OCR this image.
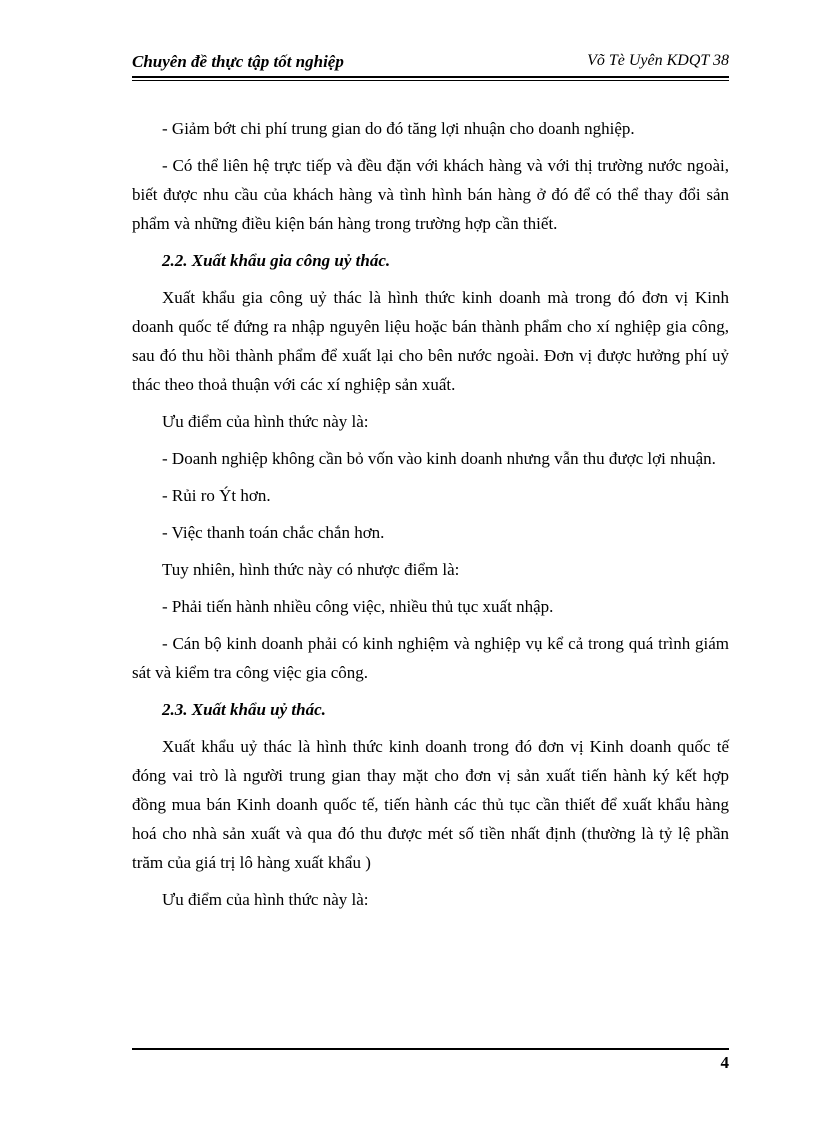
Chuyên đề thực tập tốt nghiệp	Võ Tè Uyên KDQT 38

- Giảm bớt chi phí trung gian do đó tăng lợi nhuận cho doanh nghiệp.

- Có thể liên hệ trực tiếp và đều đặn với khách hàng và với thị trường nước ngoài, biết được nhu cầu của khách hàng và tình hình bán hàng ở đó để có thể thay đổi sản phẩm và những điều kiện bán hàng trong trường hợp cần thiết.

2.2. Xuất khẩu gia công uỷ thác.

Xuất khẩu gia công uỷ thác là hình thức kinh doanh mà trong đó đơn vị Kinh doanh quốc tế đứng ra nhập nguyên liệu hoặc bán thành phẩm cho xí nghiệp gia công, sau đó thu hồi thành phẩm để xuất lại cho bên nước ngoài. Đơn vị được hưởng phí uỷ thác theo thoả thuận với các xí nghiệp sản xuất.

Ưu điểm của hình thức này là:

- Doanh nghiệp không cần bỏ vốn vào kinh doanh nhưng vẫn thu được lợi nhuận.

- Rủi ro Ýt hơn.

- Việc thanh toán chắc chắn hơn.

Tuy nhiên, hình thức này có nhược điểm là:

- Phải tiến hành nhiều công việc, nhiều thủ tục xuất nhập.

- Cán bộ kinh doanh phải có kinh nghiệm và nghiệp vụ kể cả trong quá trình giám sát và kiểm tra công việc gia công.

2.3. Xuất khẩu uỷ thác.

Xuất khẩu uỷ thác là hình thức kinh doanh trong đó đơn vị Kinh doanh quốc tế đóng vai trò là người trung gian thay mặt cho đơn vị sản xuất tiến hành ký kết hợp đồng mua bán Kinh doanh quốc tế, tiến hành các thủ tục cần thiết để xuất khẩu hàng hoá cho nhà sản xuất và qua đó thu được mét số tiền nhất định (thường là tỷ lệ phần trăm của giá trị lô hàng xuất khẩu )

Ưu điểm của hình thức này là:

4
